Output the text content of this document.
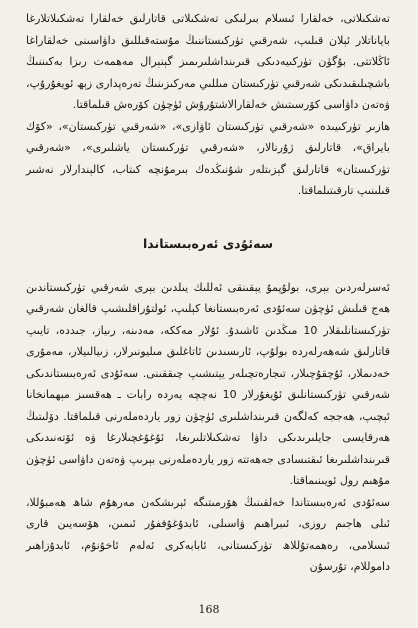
تەشكىلاتى، خەلقارا ئىسلام بىرلىكى تەشكىلاتى قاتارلىق خەلقارا تەشكىلاتلارغا باياناتلار ئېلان قىلىپ، شەرقىي تۈركىستاننىڭ مۇستەقىللىق داۋاسىنى خەلقاراغا ئاڭلاتتى. بۇگۈن تۈركىيەدىكى قىرىنداشلىرىمىز گېنېرال مەھمەت رىزا بەكىننىڭ باشچىلىقىدىكى شەرقىي تۈركىستان مىللىي مەركىزىنىڭ تەرەپدارى زېھ ئويغۇرۇپ، ۋەتەن داۋاسى كۆرسىتىش خەلقارالاشتۇرۇش ئۈچۈن كۆرەش قىلماقتا.

ھازىر تۈركىيىدە «شەرقىي تۈركىستان ئاۋازى»، «شەرقىي تۈركىستان»، «كۆك بايراق»، قاتارلىق ژۇرنالار، «شەرقىي تۈركىستان ياشلىرى»، «شەرقىي تۈركىستان» قاتارلىق گېزىتلەر شۇنىڭدەك بىرمۇنچە كىتاب، كالېندارلار نەشىر قىلىنىپ تارقىتىلماقتا.

سەئۇدى ئەرەبىستاندا

ئەسرلەردىن بېرى، بولۇپمۇ يېقىنقى ئەللىك يىلدىن بېرى شەرقىي تۈركىستاندىن ھەج قىلىش ئۈچۈن سەئۇدى ئەرەبىستانغا كېلىپ، ئولتۇراقلىشىپ قالغان شەرقىي تۈركىستانلىقلار 10 مىڭدىن ئاشىدۇ. ئۇلار مەككە، مەدىنە، رىياز، جىددە، تايىپ قاتارلىق شەھەرلەردە بولۇپ، ئارىسىدىن ئاتاغلىق مىليونىرلار، زىيالىيلار، مەمۇرى خەدىملار، ئۇچقۇچىلار، تىجارەتچىلەر يېتىشىپ چىققىنى. سەئۇدى ئەرەبىستاندىكى شەرقىي تۈركىستانلىق ئۇيغۇرلار 10 نەچچە يەردە رابات ـ ھەقسىز مېھمانخانا ئېچىپ، ھەججە كەلگەن قىرىنداشلىرى ئۈچۈن زور ياردەملەرنى قىلماقتا. دۆلىتىڭ ھەرقايسى جايلىرىدىكى داۋا تەشكىلاتلىرىغا، ئۇغۇغچىلارغا ۋە ئۆتەنىدىكى قىرىنداشلىرىغا ئىقتىسادى جەھەتتە زور ياردەملەرنى بېرىپ ۋەتەن داۋاسى ئۈچۈن مۇھىم رول ئويىنىماقتا.

سەئۇدى ئەرەبىستاندا خەلقىنىڭ ھۆرمىتىگە ئېرىشكەن مەرھۇم شاھ ھەمبۇللا، ئىلى ھاجىم روزى، ئىبراھىم ۋاسىلى، ئابدۇغۇففۇر ئىمىن، ھۆسەيىن قارى ئىسلامى، رەھمەتۇللاھ تۈركىستانى، ئابابەكرى ئەلەم ئاخۇنۇم، ئابدۇزاھىر داموللام، تۇرسۇن

168
